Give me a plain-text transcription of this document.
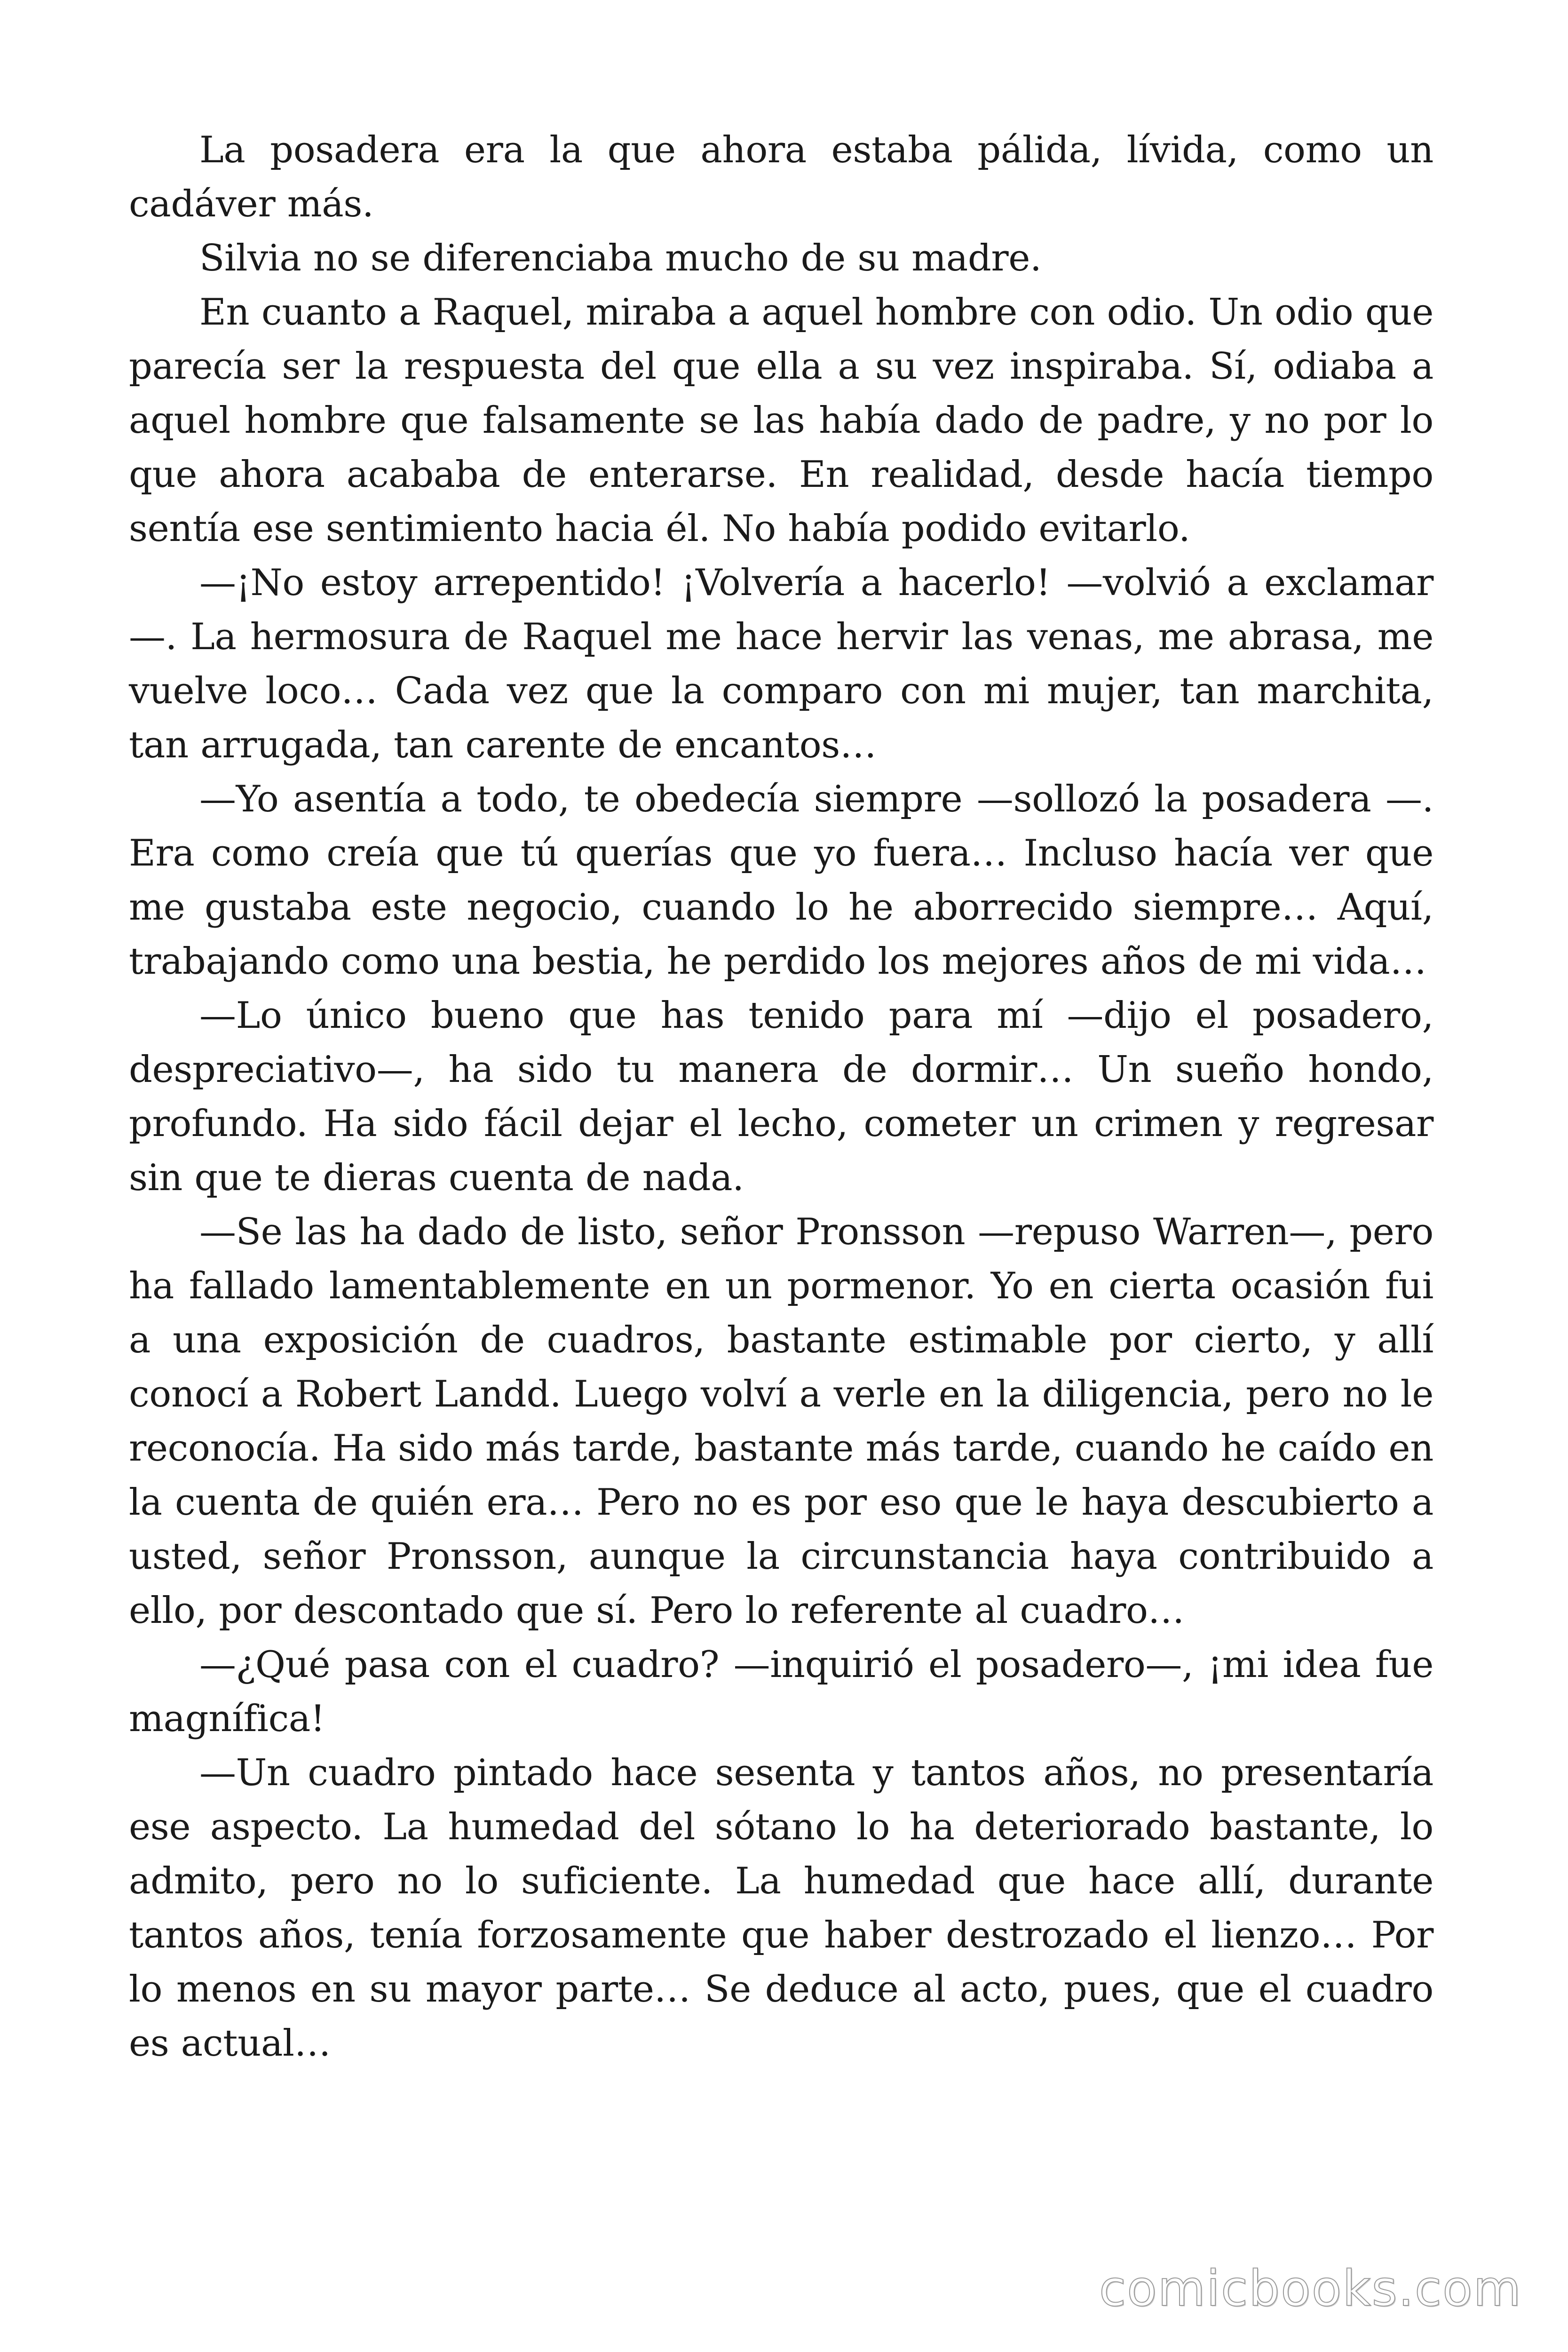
La posadera era la que ahora estaba pálida, lívida, como un cadáver más.

Silvia no se diferenciaba mucho de su madre.

En cuanto a Raquel, miraba a aquel hombre con odio. Un odio que parecía ser la respuesta del que ella a su vez inspiraba. Sí, odiaba a aquel hombre que falsamente se las había dado de padre, y no por lo que ahora acababa de enterarse. En realidad, desde hacía tiempo sentía ese sentimiento hacia él. No había podido evitarlo.

—¡No estoy arrepentido! ¡Volvería a hacerlo! —volvió a exclamar—. La hermosura de Raquel me hace hervir las venas, me abrasa, me vuelve loco… Cada vez que la comparo con mi mujer, tan marchita, tan arrugada, tan carente de encantos…

—Yo asentía a todo, te obedecía siempre —sollozó la posadera —. Era como creía que tú querías que yo fuera… Incluso hacía ver que me gustaba este negocio, cuando lo he aborrecido siempre… Aquí, trabajando como una bestia, he perdido los mejores años de mi vida…

—Lo único bueno que has tenido para mí —dijo el posadero, despreciativo—, ha sido tu manera de dormir… Un sueño hondo, profundo. Ha sido fácil dejar el lecho, cometer un crimen y regresar sin que te dieras cuenta de nada.

—Se las ha dado de listo, señor Pronsson —repuso Warren—, pero ha fallado lamentablemente en un pormenor. Yo en cierta ocasión fui a una exposición de cuadros, bastante estimable por cierto, y allí conocí a Robert Landd. Luego volví a verle en la diligencia, pero no le reconocía. Ha sido más tarde, bastante más tarde, cuando he caído en la cuenta de quién era… Pero no es por eso que le haya descubierto a usted, señor Pronsson, aunque la circunstancia haya contribuido a ello, por descontado que sí. Pero lo referente al cuadro…

—¿Qué pasa con el cuadro? —inquirió el posadero—, ¡mi idea fue magnífica!

—Un cuadro pintado hace sesenta y tantos años, no presentaría ese aspecto. La humedad del sótano lo ha deteriorado bastante, lo admito, pero no lo suficiente. La humedad que hace allí, durante tantos años, tenía forzosamente que haber destrozado el lienzo… Por lo menos en su mayor parte… Se deduce al acto, pues, que el cuadro es actual…

comicbooks.com
